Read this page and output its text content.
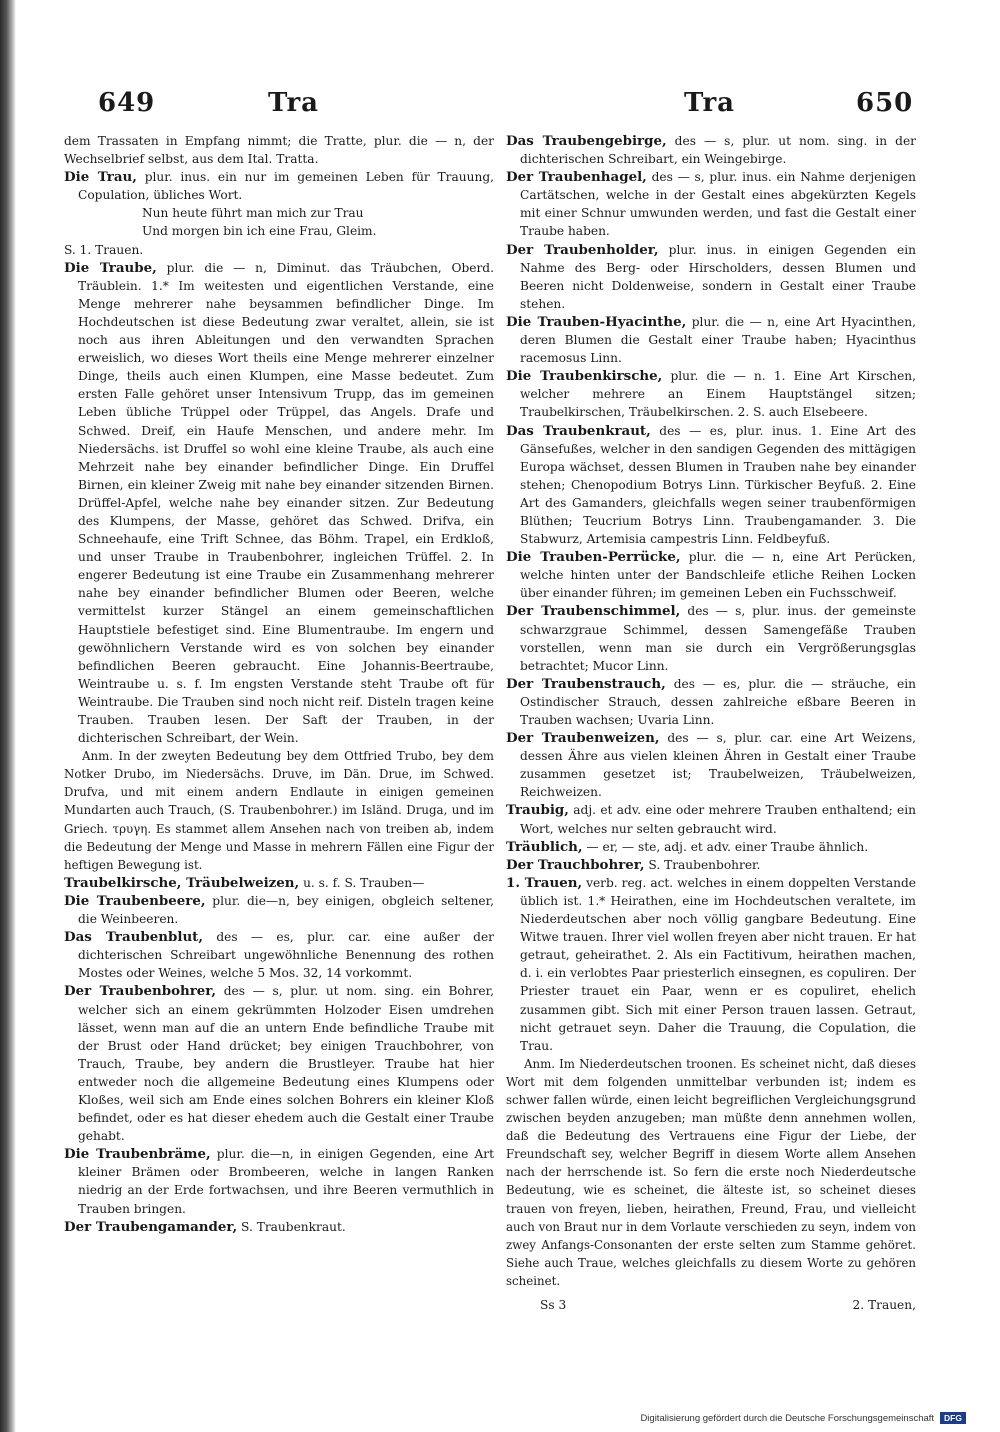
649	Tra	Tra	650

dem Trassaten in Empfang nimmt; die Tratte, plur. die — n, der Wechselbrief selbst, aus dem Ital. Tratta.

Die Trau, plur. inus. ein nur im gemeinen Leben für Trauung, Copulation, übliches Wort.

Nun heute führt man mich zur Trau

Und morgen bin ich eine Frau, Gleim.

S. 1. Trauen.

Die Traube, plur. die — n, Diminut. das Träubchen, Oberd. Träublein. 1.* Im weitesten und eigentlichen Verstande, eine Menge mehrerer nahe beysammen befindlicher Dinge. Im Hochdeutschen ist diese Bedeutung zwar veraltet, allein, sie ist noch aus ihren Ableitungen und den verwandten Sprachen erweislich, wo dieses Wort theils eine Menge mehrerer einzelner Dinge, theils auch einen Klumpen, eine Masse bedeutet. Zum ersten Falle gehöret unser Intensivum Trupp, das im gemeinen Leben übliche Trüppel oder Trüppel, das Angels. Drafe und Schwed. Dreif, ein Haufe Menschen, und andere mehr. Im Niedersächs. ist Druffel so wohl eine kleine Traube, als auch eine Mehrzeit nahe bey einander befindlicher Dinge. Ein Druffel Birnen, ein kleiner Zweig mit nahe bey einander sitzenden Birnen. Drüffel-Apfel, welche nahe bey einander sitzen. Zur Bedeutung des Klumpens, der Masse, gehöret das Schwed. Drifva, ein Schneehaufe, eine Trift Schnee, das Böhm. Trapel, ein Erdkloß, und unser Traube in Traubenbohrer, ingleichen Trüffel. 2. In engerer Bedeutung ist eine Traube ein Zusammenhang mehrerer nahe bey einander befindlicher Blumen oder Beeren, welche vermittelst kurzer Stängel an einem gemeinschaftlichen Hauptstiele befestiget sind. Eine Blumentraube. Im engern und gewöhnlichern Verstande wird es von solchen bey einander befindlichen Beeren gebraucht. Eine Johannis-Beertraube, Weintraube u. s. f. Im engsten Verstande steht Traube oft für Weintraube. Die Trauben sind noch nicht reif. Disteln tragen keine Trauben. Trauben lesen. Der Saft der Trauben, in der dichterischen Schreibart, der Wein.

Anm. In der zweyten Bedeutung bey dem Ottfried Trubo, bey dem Notker Drubo, im Niedersächs. Druve, im Dän. Drue, im Schwed. Drufva, und mit einem andern Endlaute in einigen gemeinen Mundarten auch Trauch, (S. Traubenbohrer.) im Isländ. Druga, und im Griech. τρυγη. Es stammet allem Ansehen nach von treiben ab, indem die Bedeutung der Menge und Masse in mehrern Fällen eine Figur der heftigen Bewegung ist.

Traubelkirsche, Träubelweizen, u. s. f. S. Trauben—

Die Traubenbeere, plur. die—n, bey einigen, obgleich seltener, die Weinbeeren.

Das Traubenblut, des — es, plur. car. eine außer der dichterischen Schreibart ungewöhnliche Benennung des rothen Mostes oder Weines, welche 5 Mos. 32, 14 vorkommt.

Der Traubenbohrer, des — s, plur. ut nom. sing. ein Bohrer, welcher sich an einem gekrümmten Holzoder Eisen umdrehen lässet, wenn man auf die an untern Ende befindliche Traube mit der Brust oder Hand drücket; bey einigen Trauchbohrer, von Trauch, Traube, bey andern die Brustleyer. Traube hat hier entweder noch die allgemeine Bedeutung eines Klumpens oder Kloßes, weil sich am Ende eines solchen Bohrers ein kleiner Kloß befindet, oder es hat dieser ehedem auch die Gestalt einer Traube gehabt.

Die Traubenbräme, plur. die—n, in einigen Gegenden, eine Art kleiner Brämen oder Brombeeren, welche in langen Ranken niedrig an der Erde fortwachsen, und ihre Beeren vermuthlich in Trauben bringen.

Der Traubengamander, S. Traubenkraut.

Das Traubengebirge, des — s, plur. ut nom. sing. in der dichterischen Schreibart, ein Weingebirge.

Der Traubenhagel, des — s, plur. inus. ein Nahme derjenigen Cartätschen, welche in der Gestalt eines abgekürzten Kegels mit einer Schnur umwunden werden, und fast die Gestalt einer Traube haben.

Der Traubenholder, plur. inus. in einigen Gegenden ein Nahme des Berg- oder Hirscholders, dessen Blumen und Beeren nicht Doldenweise, sondern in Gestalt einer Traube stehen.

Die Trauben-Hyacinthe, plur. die — n, eine Art Hyacinthen, deren Blumen die Gestalt einer Traube haben; Hyacinthus racemosus Linn.

Die Traubenkirsche, plur. die — n. 1. Eine Art Kirschen, welcher mehrere an Einem Hauptstängel sitzen; Traubelkirschen, Träubelkirschen. 2. S. auch Elsebeere.

Das Traubenkraut, des — es, plur. inus. 1. Eine Art des Gänsefußes, welcher in den sandigen Gegenden des mittägigen Europa wächset, dessen Blumen in Trauben nahe bey einander stehen; Chenopodium Botrys Linn. Türkischer Beyfuß. 2. Eine Art des Gamanders, gleichfalls wegen seiner traubenförmigen Blüthen; Teucrium Botrys Linn. Traubengamander. 3. Die Stabwurz, Artemisia campestris Linn. Feldbeyfuß.

Die Trauben-Perrücke, plur. die — n, eine Art Perücken, welche hinten unter der Bandschleife etliche Reihen Locken über einander führen; im gemeinen Leben ein Fuchsschweif.

Der Traubenschimmel, des — s, plur. inus. der gemeinste schwarzgraue Schimmel, dessen Samengefäße Trauben vorstellen, wenn man sie durch ein Vergrößerungsglas betrachtet; Mucor Linn.

Der Traubenstrauch, des — es, plur. die — sträuche, ein Ostindischer Strauch, dessen zahlreiche eßbare Beeren in Trauben wachsen; Uvaria Linn.

Der Traubenweizen, des — s, plur. car. eine Art Weizens, dessen Ähre aus vielen kleinen Ähren in Gestalt einer Traube zusammen gesetzet ist; Traubelweizen, Träubelweizen, Reichweizen.

Traubig, adj. et adv. eine oder mehrere Trauben enthaltend; ein Wort, welches nur selten gebraucht wird.

Träublich, — er, — ste, adj. et adv. einer Traube ähnlich.

Der Trauchbohrer, S. Traubenbohrer.

1. Trauen, verb. reg. act. welches in einem doppelten Verstande üblich ist. 1.* Heirathen, eine im Hochdeutschen veraltete, im Niederdeutschen aber noch völlig gangbare Bedeutung. Eine Witwe trauen. Ihrer viel wollen freyen aber nicht trauen. Er hat getraut, geheirathet. 2. Als ein Factitivum, heirathen machen, d. i. ein verlobtes Paar priesterlich einsegnen, es copuliren. Der Priester trauet ein Paar, wenn er es copuliret, ehelich zusammen gibt. Sich mit einer Person trauen lassen. Getraut, nicht getrauet seyn. Daher die Trauung, die Copulation, die Trau.

Anm. Im Niederdeutschen troonen. Es scheinet nicht, daß dieses Wort mit dem folgenden unmittelbar verbunden ist; indem es schwer fallen würde, einen leicht begreiflichen Vergleichungsgrund zwischen beyden anzugeben; man müßte denn annehmen wollen, daß die Bedeutung des Vertrauens eine Figur der Liebe, der Freundschaft sey, welcher Begriff in diesem Worte allem Ansehen nach der herrschende ist. So fern die erste noch Niederdeutsche Bedeutung, wie es scheinet, die älteste ist, so scheinet dieses trauen von freyen, lieben, heirathen, Freund, Frau, und vielleicht auch von Braut nur in dem Vorlaute verschieden zu seyn, indem von zwey Anfangs-Consonanten der erste selten zum Stamme gehöret. Siehe auch Traue, welches gleichfalls zu diesem Worte zu gehören scheinet.

Ss 3	2. Trauen,
Digitalisierung gefördert durch die Deutsche Forschungsgemeinschaft	DFG
